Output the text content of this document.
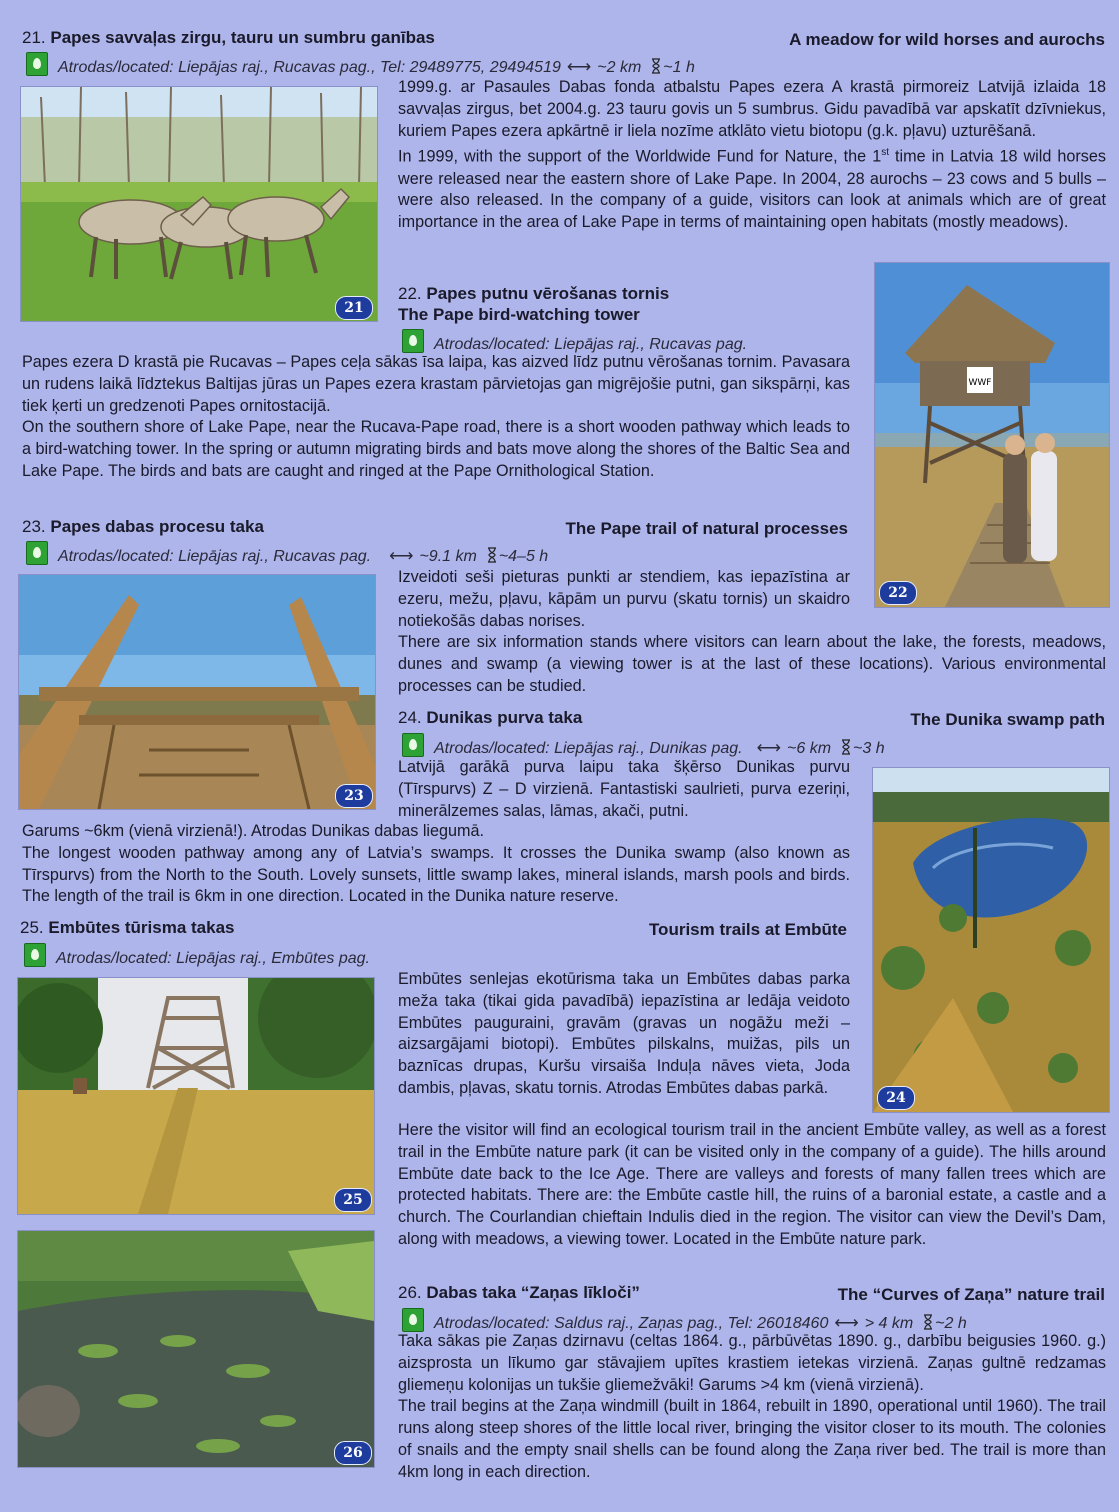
21. Papes savvaļas zirgu, tauru un sumbru ganības	A meadow for wild horses and aurochs
Atrodas/located: Liepājas raj., Rucavas pag., Tel: 29489775, 29494519 ⟷ ~2 km ~1 h
21
1999.g. ar Pasaules Dabas fonda atbalstu Papes ezera A krastā pirmoreiz Latvijā izlaida 18 savvaļas zirgus, bet 2004.g. 23 tauru govis un 5 sumbrus. Gidu pavadībā var apskatīt dzīvniekus, kuriem Papes ezera apkārtnē ir liela nozīme atklāto vietu biotopu (g.k. pļavu) uzturēšanā.
In 1999, with the support of the Worldwide Fund for Nature, the 1st time in Latvia 18 wild horses were released near the eastern shore of Lake Pape. In 2004, 28 aurochs – 23 cows and 5 bulls – were also released. In the company of a guide, visitors can look at animals which are of great importance in the area of Lake Pape in terms of maintaining open habitats (mostly meadows).
22. Papes putnu vērošanas tornis
The Pape bird-watching tower
Atrodas/located: Liepājas raj., Rucavas pag.
WWF
22
Papes ezera D krastā pie Rucavas – Papes ceļa sākas īsa laipa, kas aizved līdz putnu vērošanas tornim. Pavasara un rudens laikā līdztekus Baltijas jūras un Papes ezera krastam pārvietojas gan migrējošie putni, gan sikspārņi, kas tiek ķerti un gredzenoti Papes ornitostacijā.
On the southern shore of Lake Pape, near the Rucava-Pape road, there is a short wooden pathway which leads to a bird-watching tower. In the spring or autumn migrating birds and bats move along the shores of the Baltic Sea and Lake Pape. The birds and bats are caught and ringed at the Pape Ornithological Station.
23. Papes dabas procesu taka	The Pape trail of natural processes
Atrodas/located: Liepājas raj., Rucavas pag. ⟷ ~9.1 km ~4–5 h
23
Izveidoti seši pieturas punkti ar stendiem, kas iepazīstina ar ezeru, mežu, pļavu, kāpām un purvu (skatu tornis) un skaidro notiekošās dabas norises.
There are six information stands where visitors can learn about the lake, the forests, meadows, dunes and swamp (a viewing tower is at the last of these locations). Various environmental processes can be studied.
24. Dunikas purva taka	The Dunika swamp path
Atrodas/located: Liepājas raj., Dunikas pag. ⟷ ~6 km ~3 h
24
Latvijā garākā purva laipu taka šķērso Dunikas purvu (Tīrspurvs) Z – D virzienā. Fantastiski saulrieti, purva ezeriņi, minerālzemes salas, lāmas, akači, putni.
Garums ~6km (vienā virzienā!). Atrodas Dunikas dabas liegumā.
The longest wooden pathway among any of Latvia’s swamps. It crosses the Dunika swamp (also known as Tīrspurvs) from the North to the South. Lovely sunsets, little swamp lakes, mineral islands, marsh pools and birds. The length of the trail is 6km in one direction. Located in the Dunika nature reserve.
25. Embūtes tūrisma takas	Tourism trails at Embūte
Atrodas/located: Liepājas raj., Embūtes pag.
25
Embūtes senlejas ekotūrisma taka un Embūtes dabas parka meža taka (tikai gida pavadībā) iepazīstina ar ledāja veidoto Embūtes pauguraini, gravām (gravas un nogāžu meži – aizsargājami biotopi). Embūtes pilskalns, muižas, pils un baznīcas drupas, Kuršu virsaiša Induļa nāves vieta, Joda dambis, pļavas, skatu tornis. Atrodas Embūtes dabas parkā.
Here the visitor will find an ecological tourism trail in the ancient Embūte valley, as well as a forest trail in the Embūte nature park (it can be visited only in the company of a guide). The hills around Embūte date back to the Ice Age. There are valleys and forests of many fallen trees which are protected habitats. There are: the Embūte castle hill, the ruins of a baronial estate, a castle and a church. The Courlandian chieftain Indulis died in the region. The visitor can view the Devil’s Dam, along with meadows, a viewing tower. Located in the Embūte nature park.
26
26. Dabas taka “Zaņas līkloči”	The “Curves of Zaņa” nature trail
Atrodas/located: Saldus raj., Zaņas pag., Tel: 26018460 ⟷ > 4 km ~2 h
Taka sākas pie Zaņas dzirnavu (celtas 1864. g., pārbūvētas 1890. g., darbību beigusies 1960. g.) aizsprosta un līkumo gar stāvajiem upītes krastiem ietekas virzienā. Zaņas gultnē redzamas gliemeņu kolonijas un tukšie gliemežvāki! Garums >4 km (vienā virzienā).
The trail begins at the Zaņa windmill (built in 1864, rebuilt in 1890, operational until 1960). The trail runs along steep shores of the little local river, bringing the visitor closer to its mouth. The colonies of snails and the empty snail shells can be found along the Zaņa river bed. The trail is more than 4km long in each direction.
